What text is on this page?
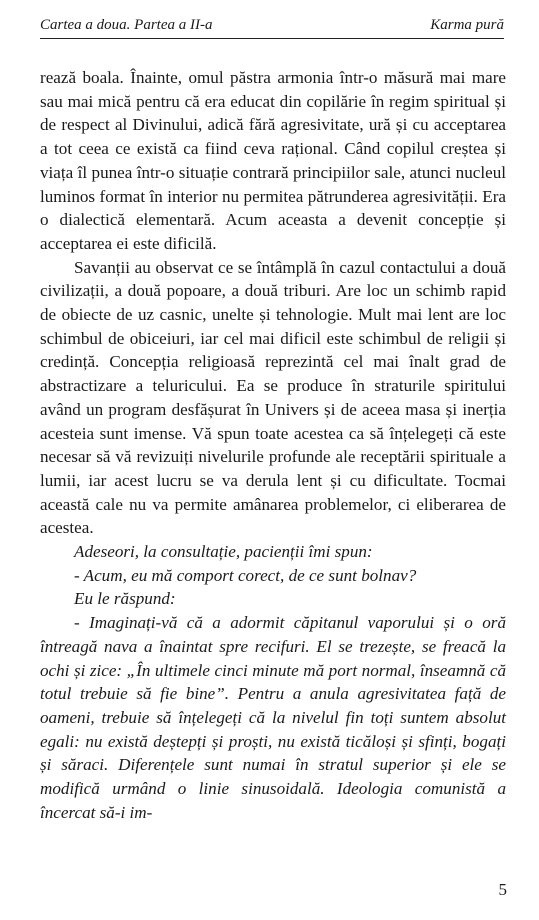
Cartea a doua. Partea a II-a	Karma pură

rează boala. Înainte, omul păstra armonia într-o măsură mai mare sau mai mică pentru că era educat din copilărie în regim spiritual și de respect al Divinului, adică fără agresivitate, ură și cu acceptarea a tot ceea ce există ca fiind ceva rațional. Când copilul creștea și viața îl punea într-o situație contrară principiilor sale, atunci nucleul luminos format în interior nu permitea pătrunderea agresivității. Era o dialectică elementară. Acum aceasta a devenit concepție și acceptarea ei este dificilă.

Savanții au observat ce se întâmplă în cazul contactului a două civilizații, a două popoare, a două triburi. Are loc un schimb rapid de obiecte de uz casnic, unelte și tehnologie. Mult mai lent are loc schimbul de obiceiuri, iar cel mai dificil este schimbul de religii și credință. Concepția religioasă reprezintă cel mai înalt grad de abstractizare a teluricului. Ea se produce în straturile spiritului având un program desfășurat în Univers și de aceea masa și inerția acesteia sunt imense. Vă spun toate acestea ca să înțelegeți că este necesar să vă revizuiți nivelurile profunde ale receptării spirituale a lumii, iar acest lucru se va derula lent și cu dificultate. Tocmai această cale nu va permite amânarea problemelor, ci eliberarea de acestea.

Adeseori, la consultație, pacienții îmi spun:

- Acum, eu mă comport corect, de ce sunt bolnav?

Eu le răspund:

- Imaginați-vă că a adormit căpitanul vaporului și o oră întreagă nava a înaintat spre recifuri. El se trezește, se freacă la ochi și zice: „În ultimele cinci minute mă port normal, înseamnă că totul trebuie să fie bine”. Pentru a anula agresivitatea față de oameni, trebuie să înțelegeți că la nivelul fin toți suntem absolut egali: nu există deștepți și proști, nu există ticăloși și sfinți, bogați și săraci. Diferențele sunt numai în stratul superior și ele se modifică urmând o linie sinusoidală. Ideologia comunistă a încercat să-i im-

5
